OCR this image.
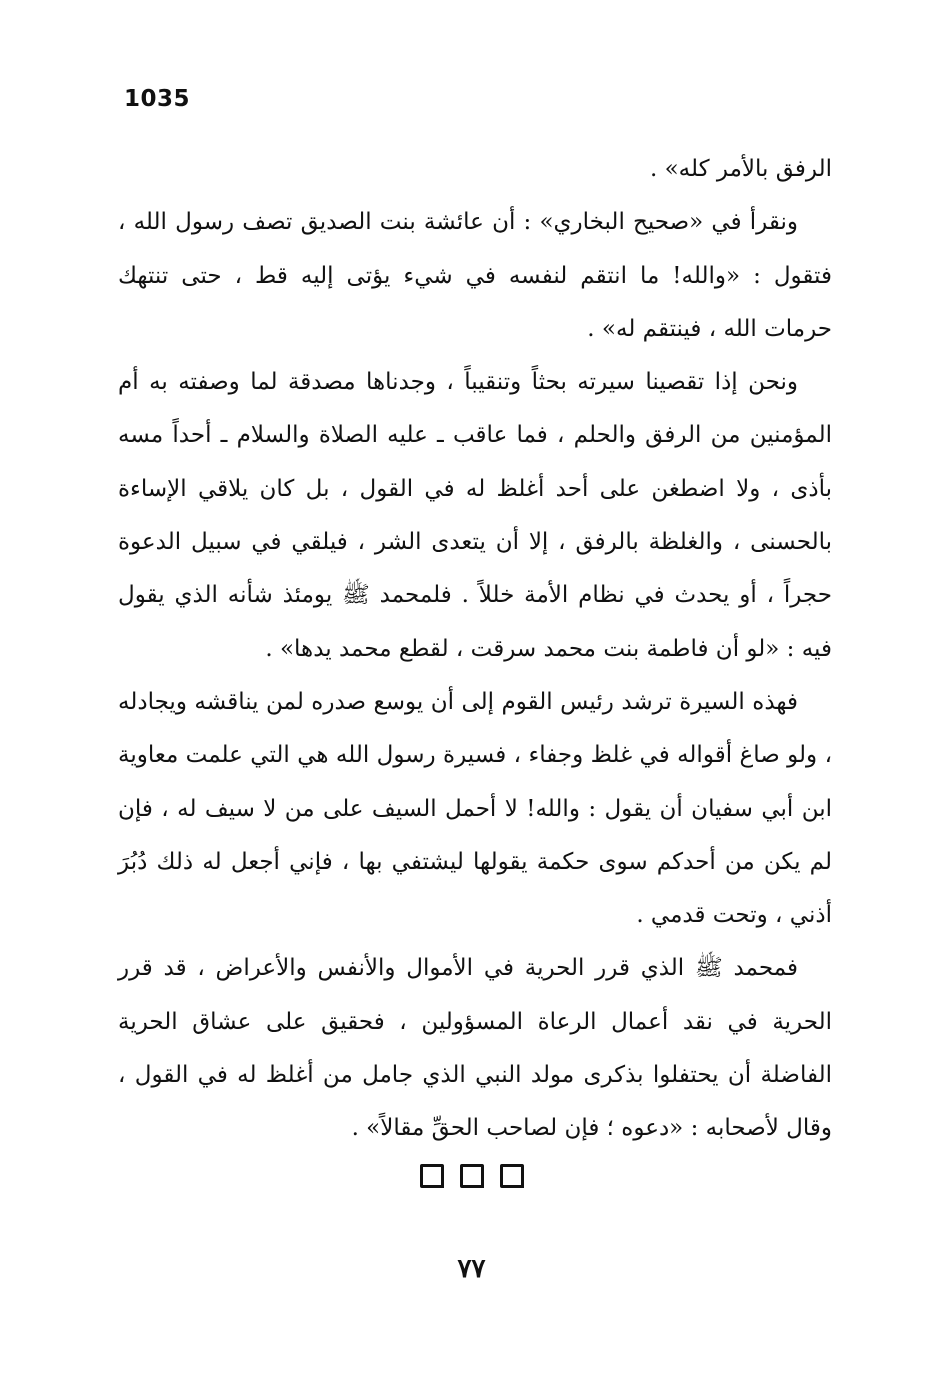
1035

الرفق بالأمر كله» .

ونقرأ في «صحيح البخاري» : أن عائشة بنت الصديق تصف رسول الله ، فتقول : «والله! ما انتقم لنفسه في شيء يؤتى إليه قط ، حتى تنتهك حرمات الله ، فينتقم له» .

ونحن إذا تقصينا سيرته بحثاً وتنقيباً ، وجدناها مصدقة لما وصفته به أم المؤمنين من الرفق والحلم ، فما عاقب ـ عليه الصلاة والسلام ـ أحداً مسه بأذى ، ولا اضطغن على أحد أغلظ له في القول ، بل كان يلاقي الإساءة بالحسنى ، والغلظة بالرفق ، إلا أن يتعدى الشر ، فيلقي في سبيل الدعوة حجراً ، أو يحدث في نظام الأمة خللاً . فلمحمد ﷺ يومئذ شأنه الذي يقول فيه : «لو أن فاطمة بنت محمد سرقت ، لقطع محمد يدها» .

فهذه السيرة ترشد رئيس القوم إلى أن يوسع صدره لمن يناقشه ويجادله ، ولو صاغ أقواله في غلظ وجفاء ، فسيرة رسول الله هي التي علمت معاوية ابن أبي سفيان أن يقول : والله! لا أحمل السيف على من لا سيف له ، فإن لم يكن من أحدكم سوى حكمة يقولها ليشتفي بها ، فإني أجعل له ذلك دُبُرَ أذني ، وتحت قدمي .

فمحمد ﷺ الذي قرر الحرية في الأموال والأنفس والأعراض ، قد قرر الحرية في نقد أعمال الرعاة المسؤولين ، فحقيق على عشاق الحرية الفاضلة أن يحتفلوا بذكرى مولد النبي الذي جامل من أغلظ له في القول ، وقال لأصحابه : «دعوه ؛ فإن لصاحب الحقِّ مقالاً» .

٧٧
